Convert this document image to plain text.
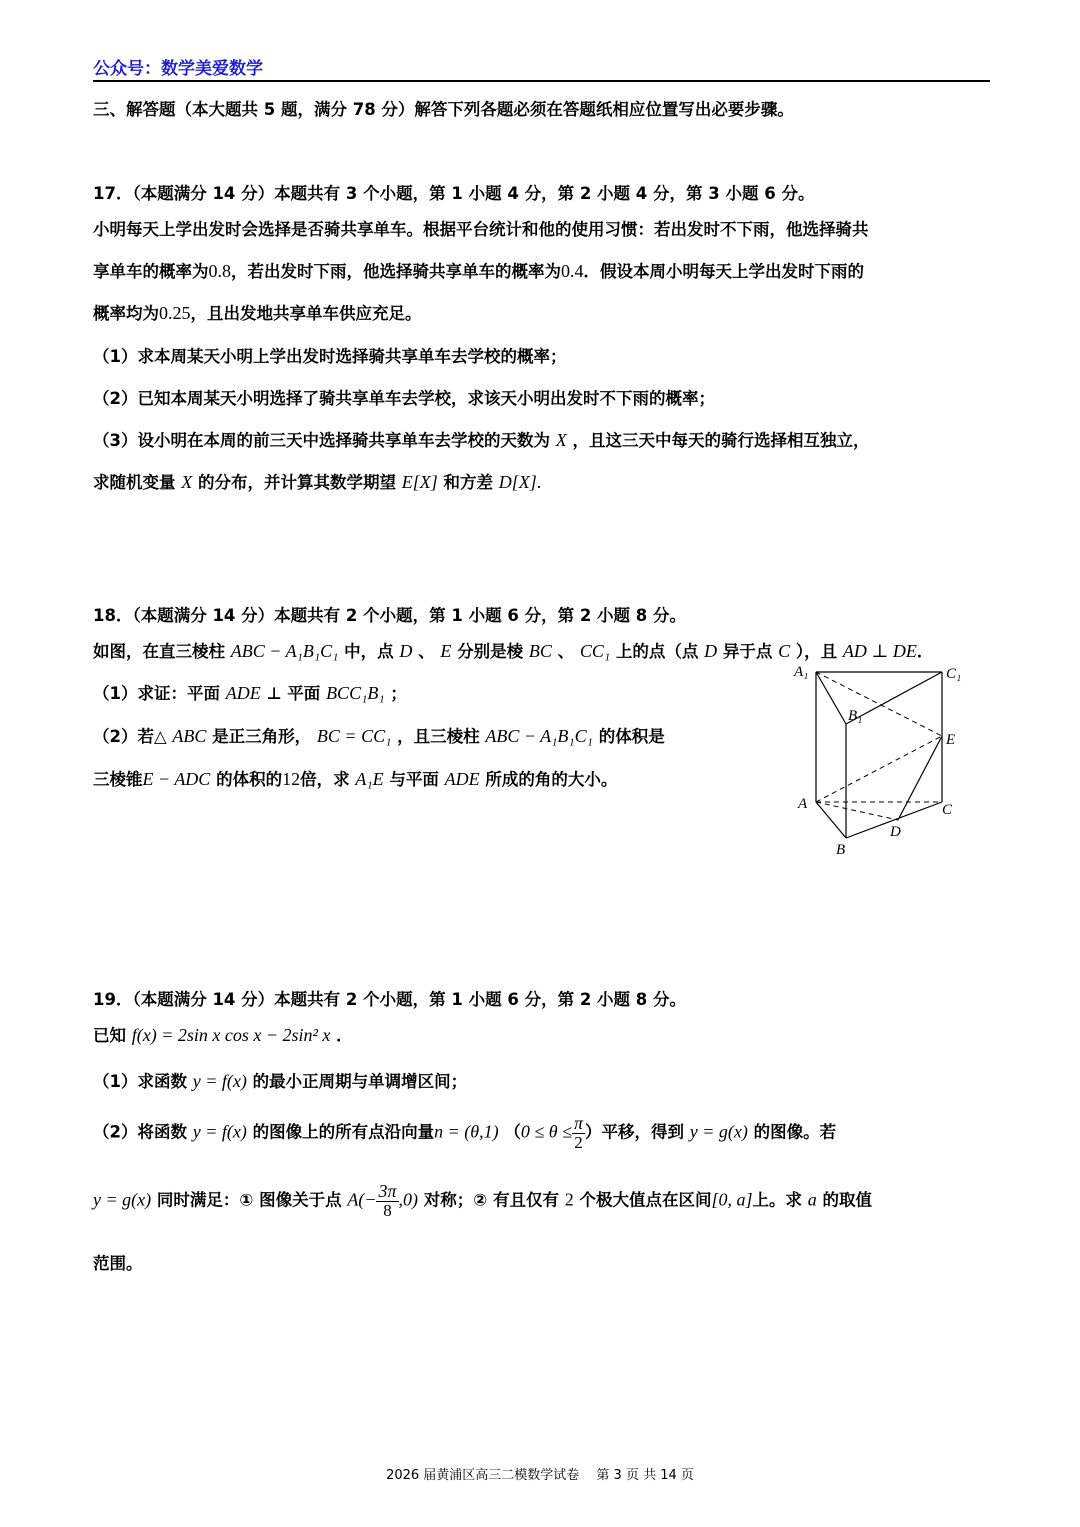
公众号：数学美爱数学
三、解答题（本大题共 5 题，满分 78 分）解答下列各题必须在答题纸相应位置写出必要步骤。
17．（本题满分 14 分）本题共有 3 个小题，第 1 小题 4 分，第 2 小题 4 分，第 3 小题 6 分。
小明每天上学出发时会选择是否骑共享单车。根据平台统计和他的使用习惯：若出发时不下雨，他选择骑共
享单车的概率为0.8，若出发时下雨，他选择骑共享单车的概率为0.4．假设本周小明每天上学出发时下雨的
概率均为0.25，且出发地共享单车供应充足。
（1）求本周某天小明上学出发时选择骑共享单车去学校的概率；
（2）已知本周某天小明选择了骑共享单车去学校，求该天小明出发时不下雨的概率；
（3）设小明在本周的前三天中选择骑共享单车去学校的天数为 X ，且这三天中每天的骑行选择相互独立，
求随机变量 X 的分布，并计算其数学期望 E[X] 和方差 D[X].
18．（本题满分 14 分）本题共有 2 个小题，第 1 小题 6 分，第 2 小题 8 分。
如图，在直三棱柱 ABC − A₁B₁C₁ 中，点 D 、 E 分别是棱 BC 、 CC₁ 上的点（点 D 异于点 C ），且 AD ⊥ DE．
（1）求证：平面 ADE ⊥ 平面 BCC₁B₁ ；
（2）若△ ABC 是正三角形， BC = CC₁ ，且三棱柱 ABC − A₁B₁C₁ 的体积是
三棱锥E − ADC 的体积的12倍，求 A₁E 与平面 ADE 所成的角的大小。
A₁	C₁
B₁
E
A	C
D
B
19．（本题满分 14 分）本题共有 2 个小题，第 1 小题 6 分，第 2 小题 8 分。
已知 f(x) = 2sin x cos x − 2sin² x ．
（1）求函数 y = f(x) 的最小正周期与单调增区间；
（2）将函数 y = f(x) 的图像上的所有点沿向量n = (θ,1) （$0 \le \theta \le \frac{\pi}{2}$ ）平移，得到 y = g(x) 的图像。若
y = g(x) 同时满足：① 图像关于点 $A(- \frac{3\pi}{8} ,0)$ 对称；② 有且仅有 2 个极大值点在区间[0, a]上。求 a 的取值
范围。
2026 届黄浦区高三二模数学试卷　 第 3 页 共 14 页
